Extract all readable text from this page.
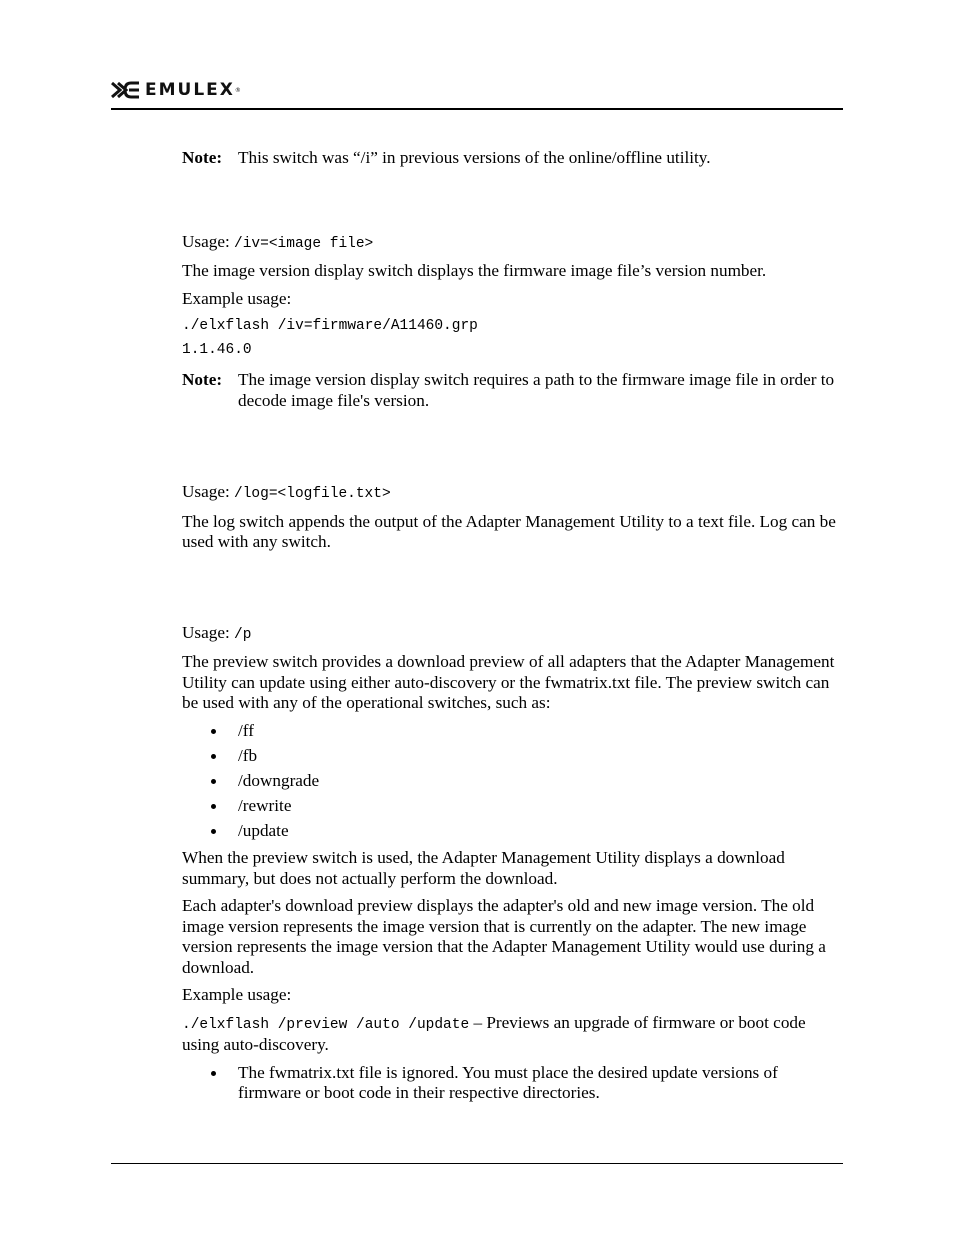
EMULEX ®
Note: This switch was “/i” in previous versions of the online/offline utility.

Usage: /iv=<image file>

The image version display switch displays the firmware image file’s version number.

Example usage:

./elxflash /iv=firmware/A11460.grp

1.1.46.0

Note: The image version display switch requires a path to the firmware image file in order to decode image file's version.

Usage: /log=<logfile.txt>

The log switch appends the output of the Adapter Management Utility to a text file. Log can be used with any switch.

Usage: /p

The preview switch provides a download preview of all adapters that the Adapter Management Utility can update using either auto-discovery or the fwmatrix.txt file. The preview switch can be used with any of the operational switches, such as:

/ff
/fb
/downgrade
/rewrite
/update

When the preview switch is used, the Adapter Management Utility displays a download summary, but does not actually perform the download.

Each adapter's download preview displays the adapter's old and new image version. The old image version represents the image version that is currently on the adapter. The new image version represents the image version that the Adapter Management Utility would use during a download.

Example usage:

./elxflash /preview /auto /update – Previews an upgrade of firmware or boot code using auto-discovery.

The fwmatrix.txt file is ignored. You must place the desired update versions of firmware or boot code in their respective directories.
